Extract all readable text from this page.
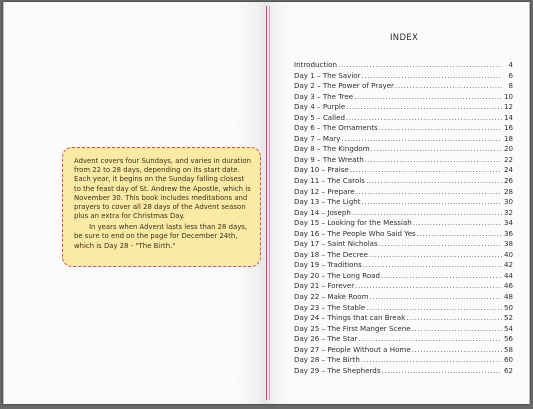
Advent covers four Sundays, and varies in duration from 22 to 28 days, depending on its start date. Each year, it begins on the Sunday falling closest to the feast day of St. Andrew the Apostle, which is November 30. This book includes meditations and prayers to cover all 28 days of the Advent season plus an extra for Christmas Day.

In years when Advent lasts less than 28 days, be sure to end on the page for December 24th, which is Day 28 - "The Birth."

INDEX
Introduction .....	4
Day 1 – The Savior .....	6
Day 2 – The Power of Prayer .....	8
Day 3 – The Tree .....	10
Day 4 – Purple .....	12
Day 5 – Called .....	14
Day 6 – The Ornaments .....	16
Day 7 – Mary .....	18
Day 8 – The Kingdom .....	20
Day 9 – The Wreath .....	22
Day 10 – Praise .....	24
Day 11 – The Carols .....	26
Day 12 – Prepare .....	28
Day 13 – The Light .....	30
Day 14 – Joseph .....	32
Day 15 – Looking for the Messiah .....	34
Day 16 – The People Who Said Yes .....	36
Day 17 – Saint Nicholas .....	38
Day 18 – The Decree .....	40
Day 19 – Traditions .....	42
Day 20 – The Long Road .....	44
Day 21 – Forever .....	46
Day 22 – Make Room .....	48
Day 23 – The Stable .....	50
Day 24 – Things that can Break .....	52
Day 25 – The First Manger Scene .....	54
Day 26 – The Star .....	56
Day 27 – People Without a Home .....	58
Day 28 – The Birth .....	60
Day 29 – The Shepherds .....	62
